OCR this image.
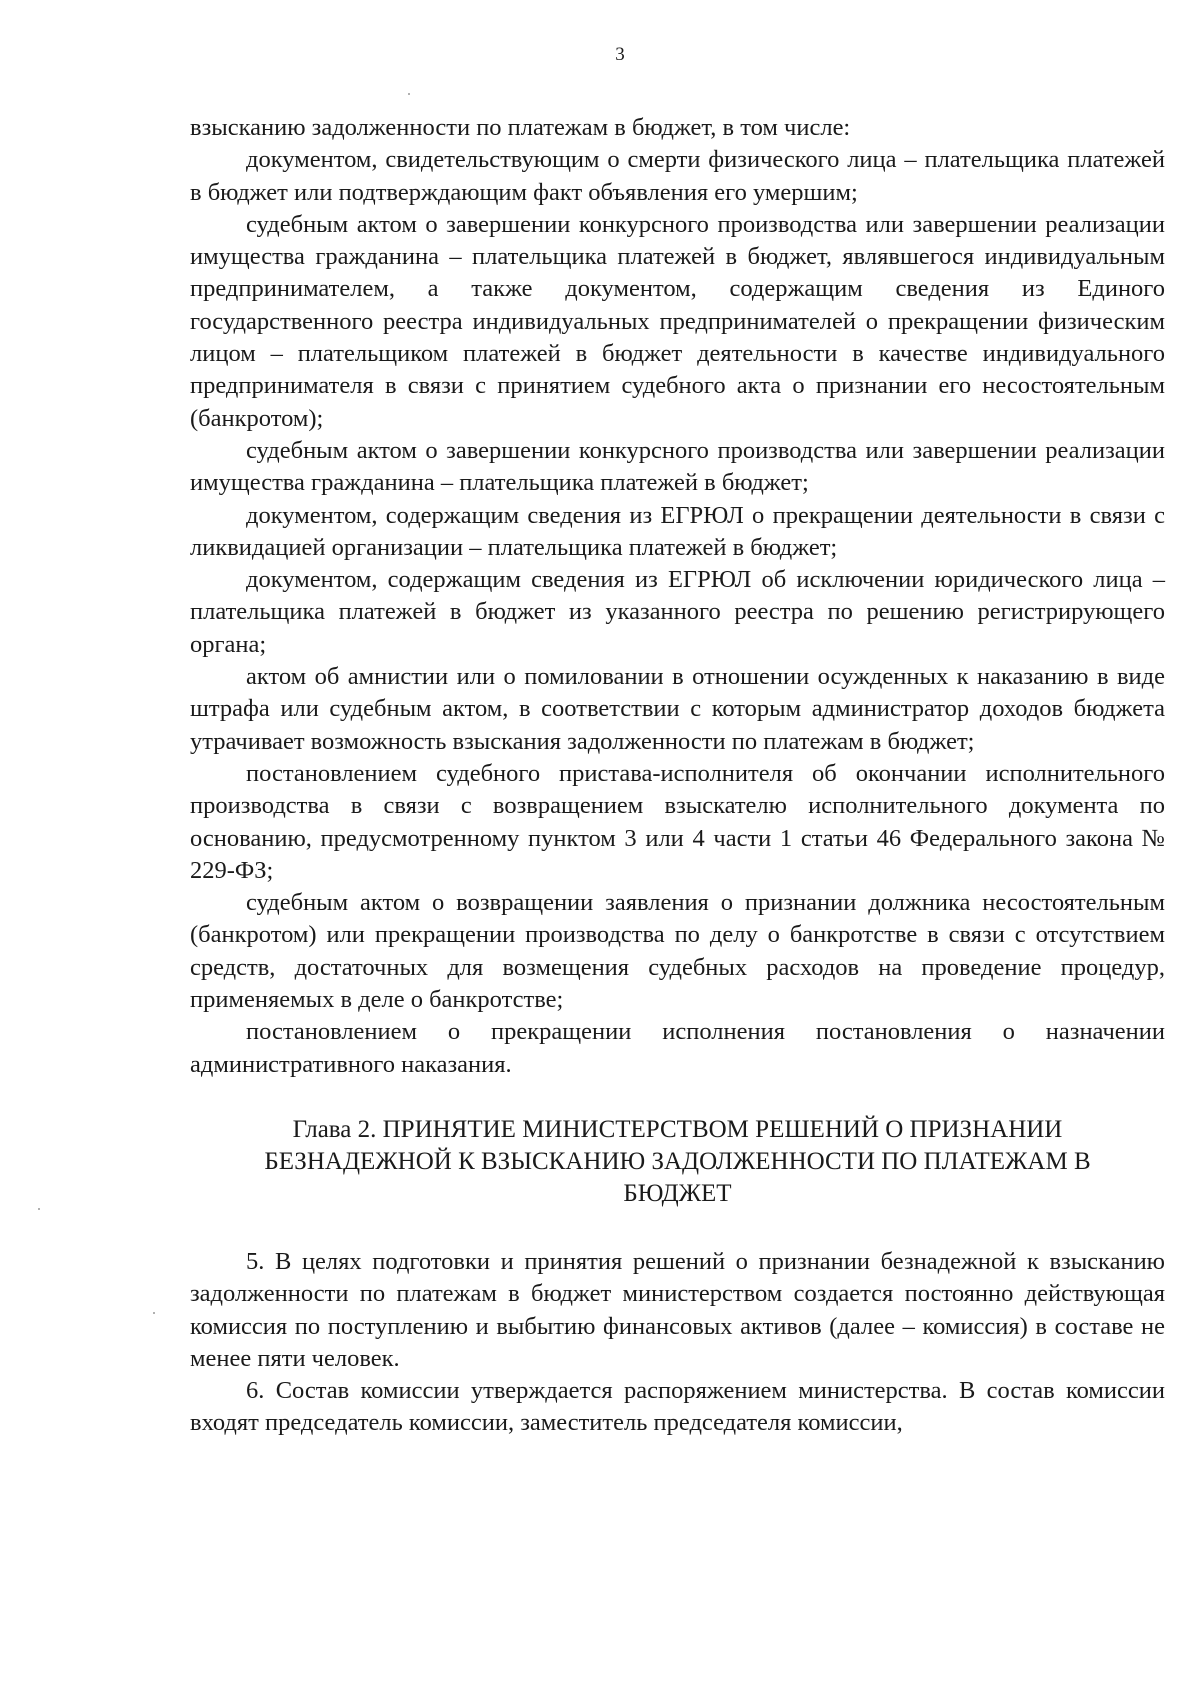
3

взысканию задолженности по платежам в бюджет, в том числе:

документом, свидетельствующим о смерти физического лица – плательщика платежей в бюджет или подтверждающим факт объявления его умершим;

судебным актом о завершении конкурсного производства или завершении реализации имущества гражданина – плательщика платежей в бюджет, являвшегося индивидуальным предпринимателем, а также документом, содержащим сведения из Единого государственного реестра индивидуальных предпринимателей о прекращении физическим лицом – плательщиком платежей в бюджет деятельности в качестве индивидуального предпринимателя в связи с принятием судебного акта о признании его несостоятельным (банкротом);

судебным актом о завершении конкурсного производства или завершении реализации имущества гражданина – плательщика платежей в бюджет;

документом, содержащим сведения из ЕГРЮЛ о прекращении деятельности в связи с ликвидацией организации – плательщика платежей в бюджет;

документом, содержащим сведения из ЕГРЮЛ об исключении юридического лица – плательщика платежей в бюджет из указанного реестра по решению регистрирующего органа;

актом об амнистии или о помиловании в отношении осужденных к наказанию в виде штрафа или судебным актом, в соответствии с которым администратор доходов бюджета утрачивает возможность взыскания задолженности по платежам в бюджет;

постановлением судебного пристава-исполнителя об окончании исполнительного производства в связи с возвращением взыскателю исполнительного документа по основанию, предусмотренному пунктом 3 или 4 части 1 статьи 46 Федерального закона № 229-ФЗ;

судебным актом о возвращении заявления о признании должника несостоятельным (банкротом) или прекращении производства по делу о банкротстве в связи с отсутствием средств, достаточных для возмещения судебных расходов на проведение процедур, применяемых в деле о банкротстве;

постановлением о прекращении исполнения постановления о назначении административного наказания.

Глава 2. ПРИНЯТИЕ МИНИСТЕРСТВОМ РЕШЕНИЙ О ПРИЗНАНИИ
БЕЗНАДЕЖНОЙ К ВЗЫСКАНИЮ ЗАДОЛЖЕННОСТИ ПО ПЛАТЕЖАМ В
БЮДЖЕТ

5. В целях подготовки и принятия решений о признании безнадежной к взысканию задолженности по платежам в бюджет министерством создается постоянно действующая комиссия по поступлению и выбытию финансовых активов (далее – комиссия) в составе не менее пяти человек.

6. Состав комиссии утверждается распоряжением министерства. В состав комиссии входят председатель комиссии, заместитель председателя комиссии,
